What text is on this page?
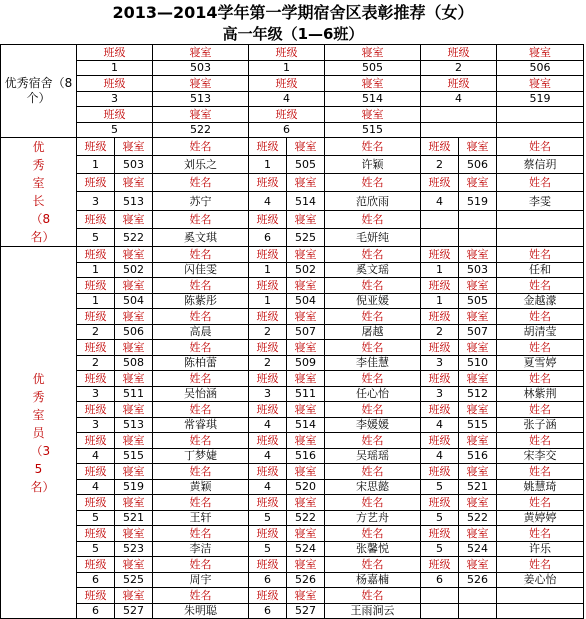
2013—2014学年第一学期宿舍区表彰推荐（女）
高一年级（1—6班）
优秀宿舍（8个）	班级		寝室	班级		寝室	班级		寝室
	1		503	1		505	2		506
	班级		寝室	班级		寝室	班级		寝室
	3		513	4		514	4		519
	班级		寝室	班级		寝室			
	5		522	6		515			
优秀室长（8名）	班级	寝室	姓名	班级	寝室	姓名	班级	寝室	姓名
	1	503	刘乐之	1	505	许颖	2	506	蔡信玥
	班级	寝室	姓名	班级	寝室	姓名	班级	寝室	姓名
	3	513	苏宁	4	514	范欣雨	4	519	李雯
	班级	寝室	姓名	班级	寝室	姓名			
	5	522	奚文琪	6	525	毛妍纯			
优秀室员（35名）	班级	寝室	姓名	班级	寝室	姓名	班级	寝室	姓名
	1	502	闪佳雯	1	502	奚文瑶	1	503	任和
	班级	寝室	姓名	班级	寝室	姓名	班级	寝室	姓名
	1	504	陈紫彤	1	504	倪亚媛	1	505	金越濛
	班级	寝室	姓名	班级	寝室	姓名	班级	寝室	姓名
	2	506	高晨	2	507	屠越	2	507	胡清莹
	班级	寝室	姓名	班级	寝室	姓名	班级	寝室	姓名
	2	508	陈柏蕾	2	509	李佳慧	3	510	夏雪婷
	班级	寝室	姓名	班级	寝室	姓名	班级	寝室	姓名
	3	511	吴怡涵	3	511	任心怡	3	512	林紫荆
	班级	寝室	姓名	班级	寝室	姓名	班级	寝室	姓名
	3	513	常睿琪	4	514	李媛媛	4	515	张子涵
	班级	寝室	姓名	班级	寝室	姓名	班级	寝室	姓名
	4	515	丁梦婕	4	516	吴瑶瑶	4	516	宋李交
	班级	寝室	姓名	班级	寝室	姓名	班级	寝室	姓名
	4	519	黄颖	4	520	宋思懿	5	521	姚慧琦
	班级	寝室	姓名	班级	寝室	姓名	班级	寝室	姓名
	5	521	王轩	5	522	方艺舟	5	522	黄婷婷
	班级	寝室	姓名	班级	寝室	姓名	班级	寝室	姓名
	5	523	李洁	5	524	张馨悦	5	524	许乐
	班级	寝室	姓名	班级	寝室	姓名	班级	寝室	姓名
	6	525	周宇	6	526	杨嘉楠	6	526	姜心怡
	班级	寝室	姓名	班级	寝室	姓名			
	6	527	朱明聪	6	527	王雨涧云			
